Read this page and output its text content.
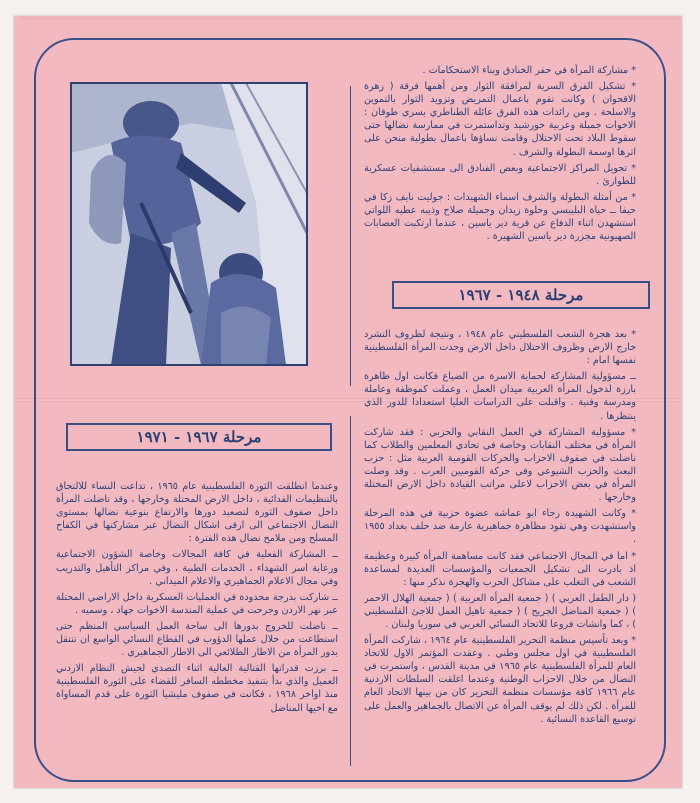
* مشاركة المرأة في حفر الخنادق وبناء الاستحكامات .

* تشكيل الفرق السرية لمرافقة الثوار ومن أهمها فرقة ( زهرة الاقحوان ) وكانت تقوم باعمال التمريض وتزويد الثوار بالتموين والاسلحة . ومن رائدات هذه الفرق عائلة الطناطري بسري طوقان : الاخوات جميلة وعربية خورشيد وتداستمرت في ممارسة نضالها حتى سقوط البلاد تحت الاحتلال وقامت نساؤها باعمال بطولية منحن على اثرها اوسمة البطولة والشرف .

* تحويل المراكز الاجتماعية وبعض الفنادق الى مستشفيات عسكرية للطوارئ .

* من أمثلة البطولة والشرف اسماء الشهيدات : جوليت نايف زكا في حيفا ــ حياة البليبسي وحلوة زيدان وجميلة صلاح وذيبه عطيه اللواتي استشهدن اثناء الدفاع عن قرية دير ياسين ، عندما ارتكبت العصابات الصهيونية مجزرة دير ياسين الشهيرة .

مرحلة ١٩٤٨ - ١٩٦٧

* بعد هجرة الشعب الفلسطيني عام ١٩٤٨ ، ونتيجة لظروف التشرد خارج الارض وظروف الاحتلال داخل الارض وجدت المرأة الفلسطينية نفسها امام :

ــ مسؤولية المشاركة لحماية الاسرة من الضياع فكانت اول ظاهرة بارزة لدخول المرأة العربية ميدان العمل ، وعملت كموظفة وعاملة ومدرسة وفنية . واقبلت على الدراسات العليا استعدادا للدور الذي ينتظرها .

* مسؤولية المشاركة في العمل النقابي والحزبي : فقد شاركت المرأة في مختلف النقابات وخاصة في تحادي المعلمين والطلاب كما ناضلت في صفوف الاحزاب والحركات القومية العربية مثل : حزب البعث والحزب الشيوعي وفي حركة القوميين العرب . وقد وصلت المرأة في بعض الاحزاب لاعلى مراتب القيادة داخل الارض المحتلة وخارجها .

* وكانت الشهيدة رجاء ابو عماشه عضوة حزبية في هذه المرحلة واستشهدت وهي تقود مظاهرة جماهيرية عارمة ضد حلف بغداد ١٩٥٥ .

* اما في المجال الاجتماعي فقد كانت مساهمة المرأة كبيرة وعظيمة اذ بادرت الى تشكيل الجمعيات والمؤسسات العديدة لمساعدة الشعب في التغلب على مشاكل الحرب والهجرة نذكر منها :

( دار الطفل العربي ) ( جمعية المرأة العربية ) ( جمعية الهلال الاحمر ) ( جمعية المناضل الجريح ) ( جمعية تاهيل العمل للاجئ الفلسطيني ) ، كما وانشات فروعا للاتحاد النسائي العربي في سوريا ولبنان .

* وبعد تأسيس منظمة التحرير الفلسطينية عام ١٩٦٤ ، شاركت المرأة الفلسطينية في اول مجلس وطني . وعقدت المؤتمر الاول للاتحاد العام للمرأة الفلسطينية عام ١٩٦٥ في مدينة القدس ، واستمرت في النضال من خلال الاحزاب الوطنية وعندما اغلقت السلطات الاردنية عام ١٩٦٦ كافة مؤسسات منظمة التحرير كان من بينها الاتحاد العام للمرأة . لكن ذلك لم يوقف المرأة عن الاتصال بالجماهير والعمل على توسيع القاعدة النسائية .

مرحلة ١٩٦٧ - ١٩٧١

وعندما انطلقت الثورة الفلسطينية عام ١٩٦٥ ، تداعت النساء للالتحاق بالتنظيمات الفدائية ، داخل الارض المحتلة وخارجها ، وقد ناضلت المرأة داخل صفوف الثورة لتصعيد دورها والارتفاع بنوعية نضالها بمستوى النضال الاجتماعي الى ارقى اشكال النضال عبر مشاركتها في الكفاح المسلح ومن ملامح نضال هذه الفترة :

ــ المشاركة الفعلية في كافة المجالات وخاصة الشؤون الاجتماعية ورعاية اسر الشهداء ، الخدمات الطبية ، وفي مراكز التأهيل والتدريب وفي مجال الاعلام الجماهيري والاعلام الميداني .

ــ شاركت بدرجة محدودة في العمليات العسكرية داخل الاراضي المحتلة عبر نهر الاردن وجرحت في عملية المندسة الاخوات جهاد ، وسميه .

ــ ناضلت للخروج بدورها الى ساحة العمل السياسي المنظم حتى استطاعت من خلال عملها الدؤوب في القطاع النسائي الواسع ان تنتقل بدور المرأة من الاطار الطلائعي الى الاطار الجماهيري .

ــ برزت قدراتها القتالية العالية اثناء التصدي لجيش النظام الاردني العميل والذي بدأ بتنفيذ مخططه السافر للقضاء على الثورة الفلسطينية منذ اواخر ١٩٦٨ ، فكانت في صفوف مليشيا الثورة على قدم المساواة مع اخيها المناضل
